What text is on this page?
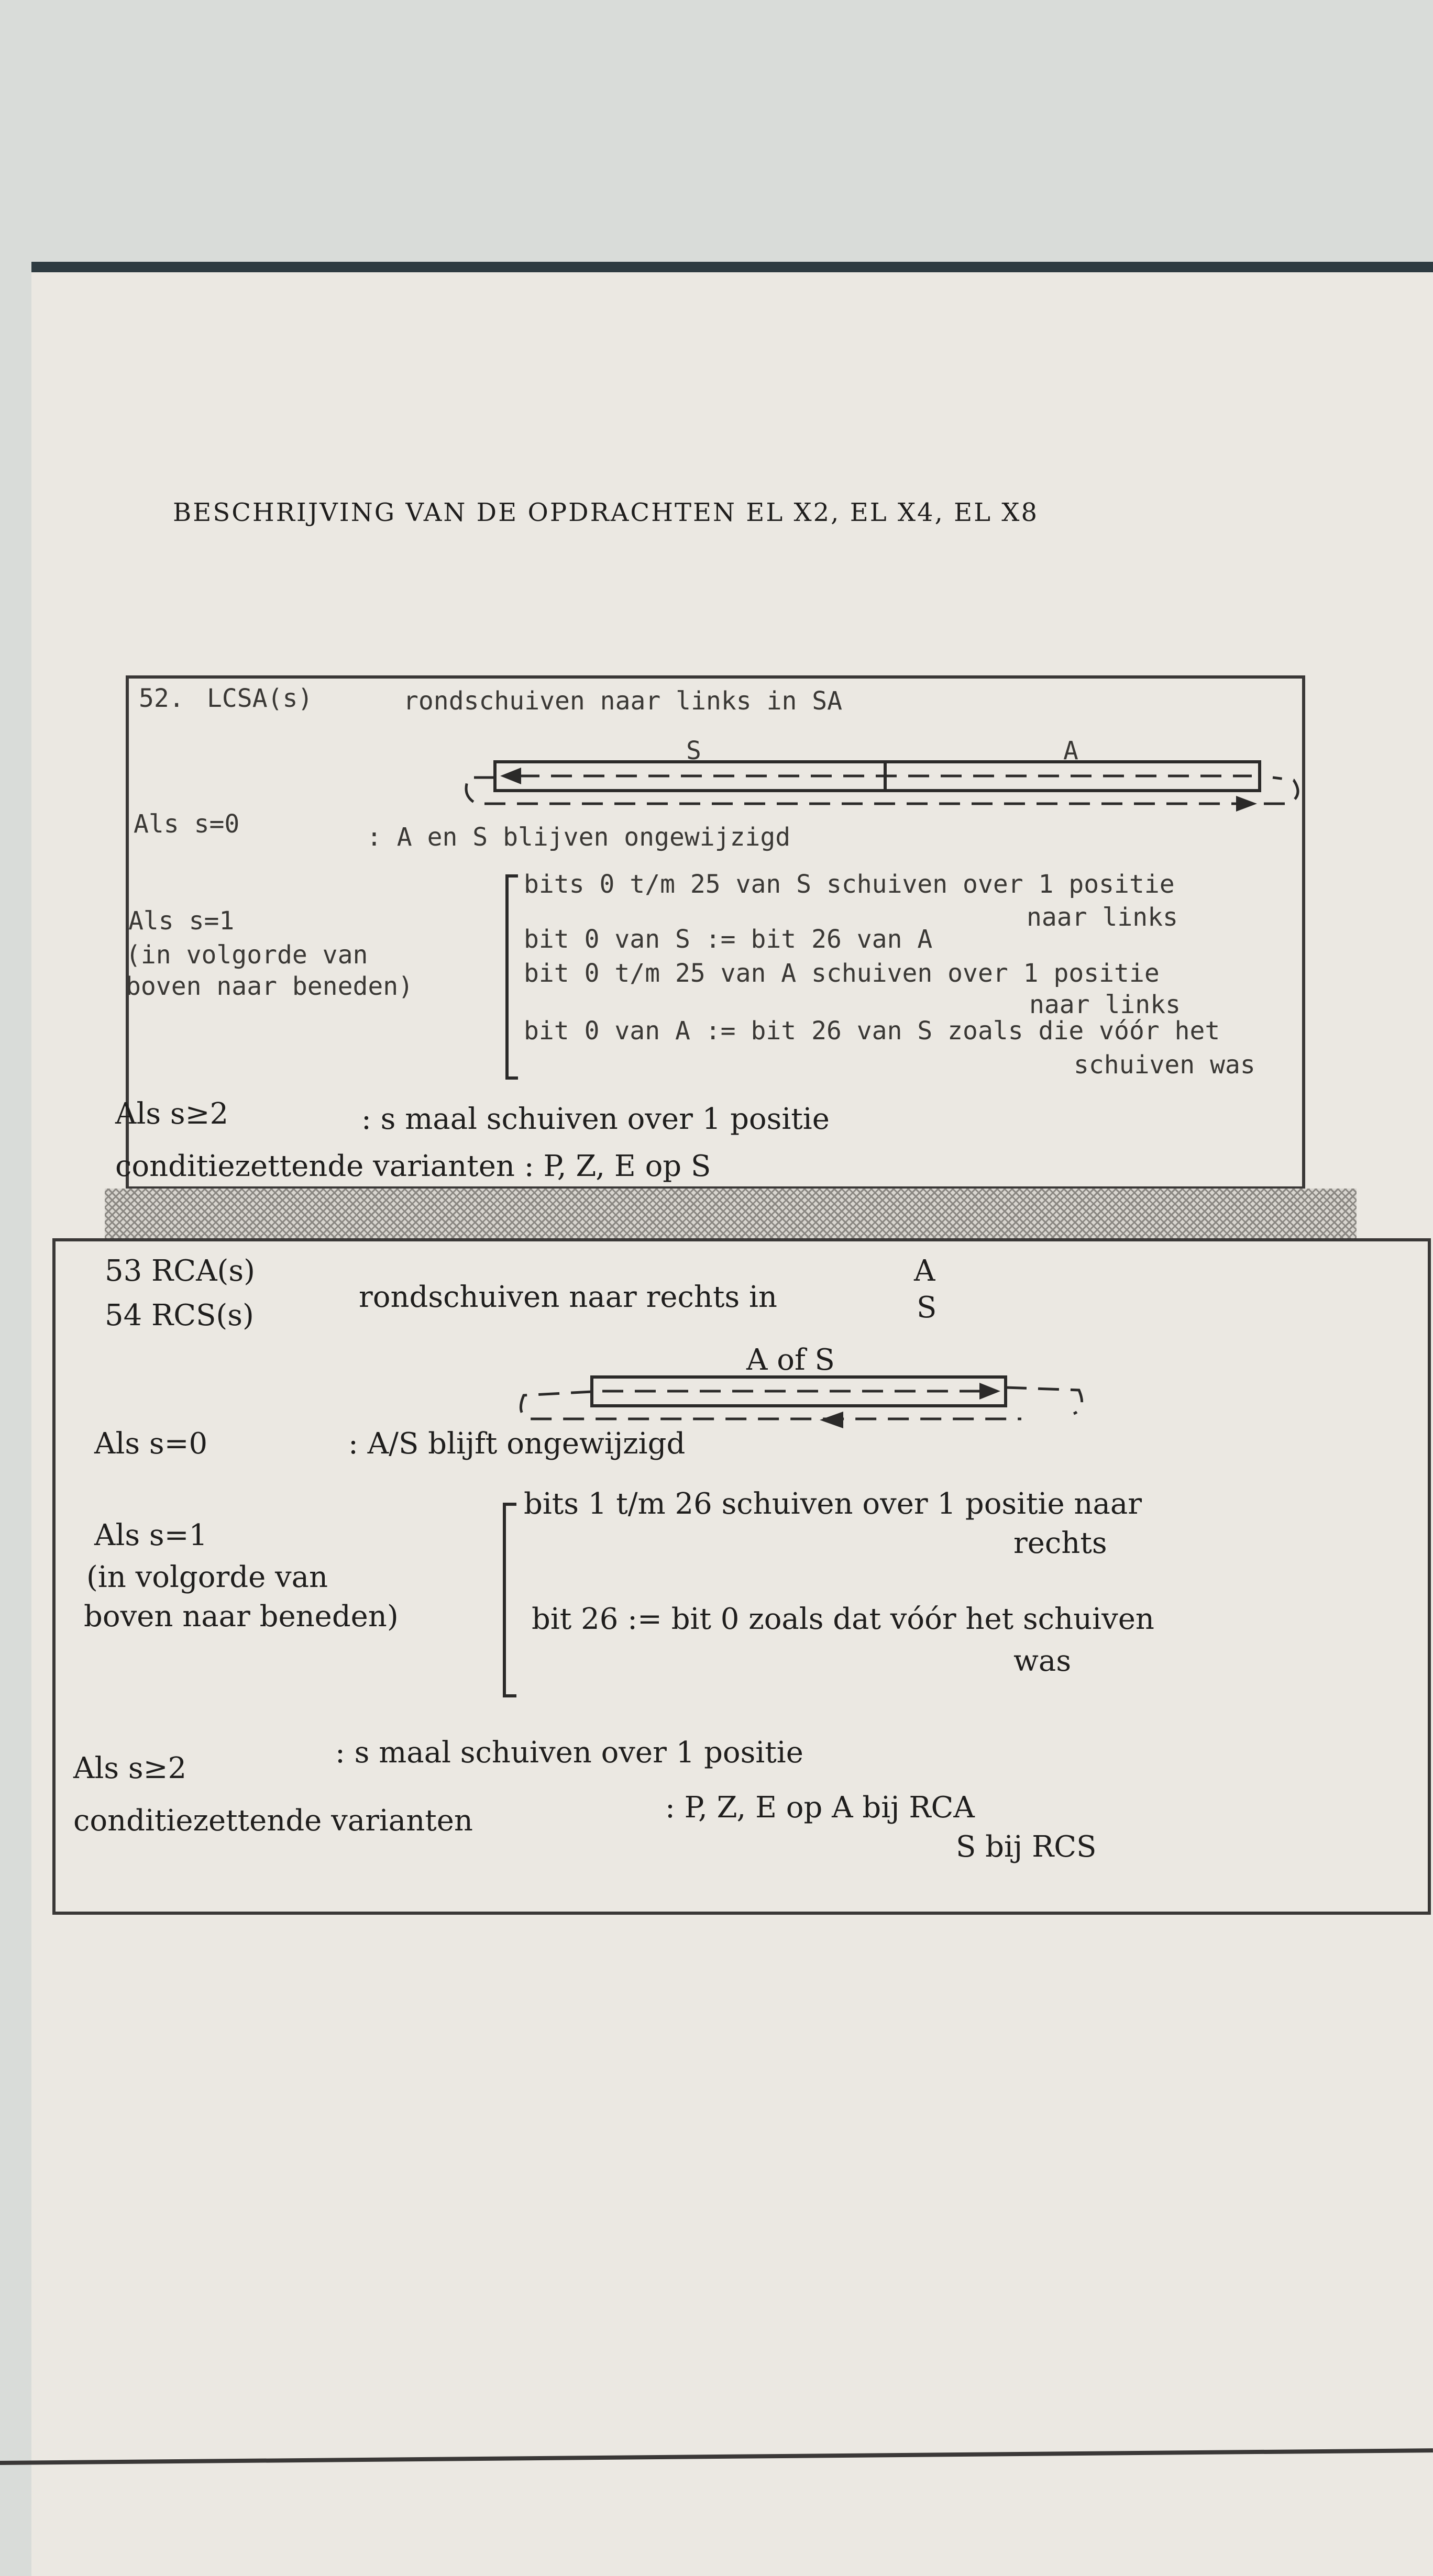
BESCHRIJVING VAN DE OPDRACHTEN EL X2, EL X4, EL X8
52. LCSA(s)	rondschuiven naar links in SA
S	A
Als s=0	: A en S blijven ongewijzigd
Als s=1
(in volgorde van
boven naar beneden)
bits 0 t/m 25 van S schuiven over 1 positie
naar links
bit 0 van S := bit 26 van A
bit 0 t/m 25 van A schuiven over 1 positie
naar links
bit 0 van A := bit 26 van S zoals die vóór het
schuiven was
Als s≥2	: s maal schuiven over 1 positie
conditiezettende varianten : P, Z, E op S
53 RCA(s)
54 RCS(s)
rondschuiven naar rechts in
A
S
A of S
Als s=0	: A/S blijft ongewijzigd
Als s=1
(in volgorde van
boven naar beneden)
bits 1 t/m 26 schuiven over 1 positie naar
rechts
bit 26 := bit 0 zoals dat vóór het schuiven
was
Als s≥2	: s maal schuiven over 1 positie
conditiezettende varianten	: P, Z, E op A bij RCA
S bij RCS
